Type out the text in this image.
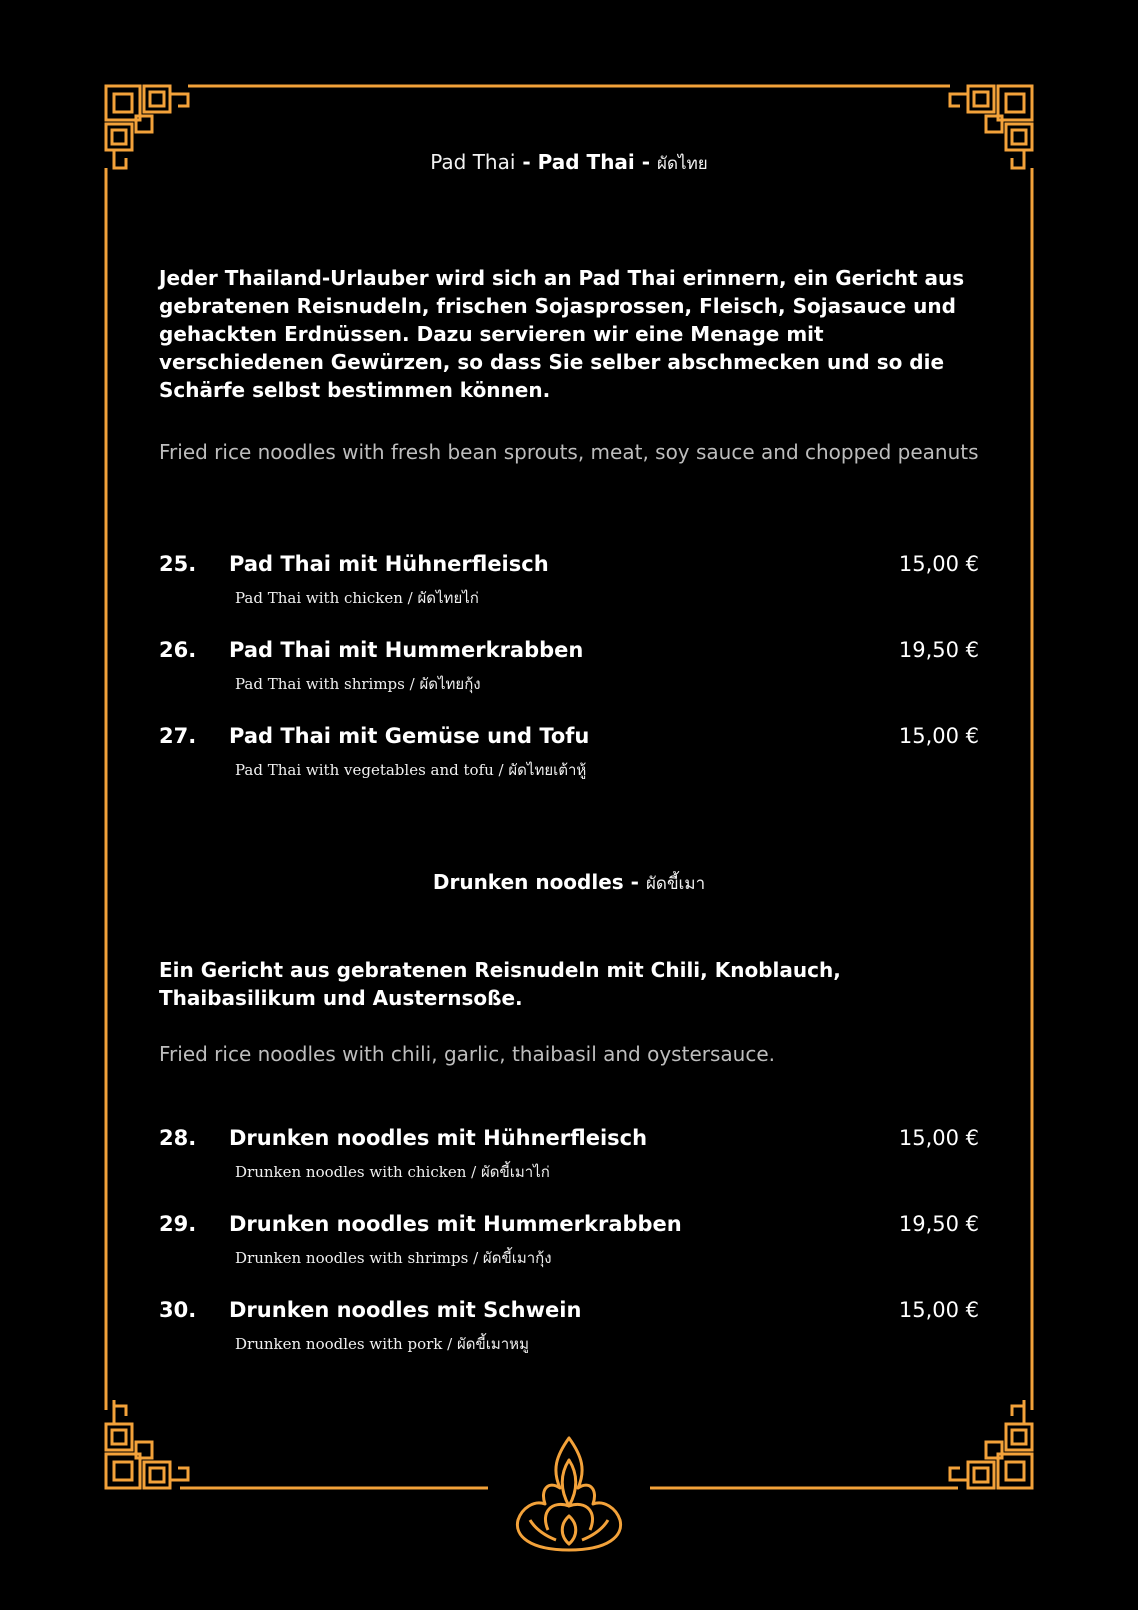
Pad Thai - Pad Thai - ผัดไทย
Jeder Thailand-Urlauber wird sich an Pad Thai erinnern, ein Gericht aus gebratenen Reisnudeln, frischen Sojasprossen, Fleisch, Sojasauce und gehackten Erdnüssen. Dazu servieren wir eine Menage mit verschiedenen Gewürzen, so dass Sie selber abschmecken und so die Schärfe selbst bestimmen können.
Fried rice noodles with fresh bean sprouts, meat, soy sauce and chopped peanuts
25. Pad Thai mit Hühnerfleisch	15,00 €
Pad Thai with chicken / ผัดไทยไก่
26. Pad Thai mit Hummerkrabben	19,50 €
Pad Thai with shrimps / ผัดไทยกุ้ง
27. Pad Thai mit Gemüse und Tofu	15,00 €
Pad Thai with vegetables and tofu / ผัดไทยเต้าหู้
Drunken noodles - ผัดขี้เมา
Ein Gericht aus gebratenen Reisnudeln mit Chili, Knoblauch, Thaibasilikum und Austernsoße.
Fried rice noodles with chili, garlic, thaibasil and oystersauce.
28. Drunken noodles mit Hühnerfleisch	15,00 €
Drunken noodles with chicken / ผัดขี้เมาไก่
29. Drunken noodles mit Hummerkrabben	19,50 €
Drunken noodles with shrimps / ผัดขี้เมากุ้ง
30. Drunken noodles mit Schwein	15,00 €
Drunken noodles with pork / ผัดขี้เมาหมู
